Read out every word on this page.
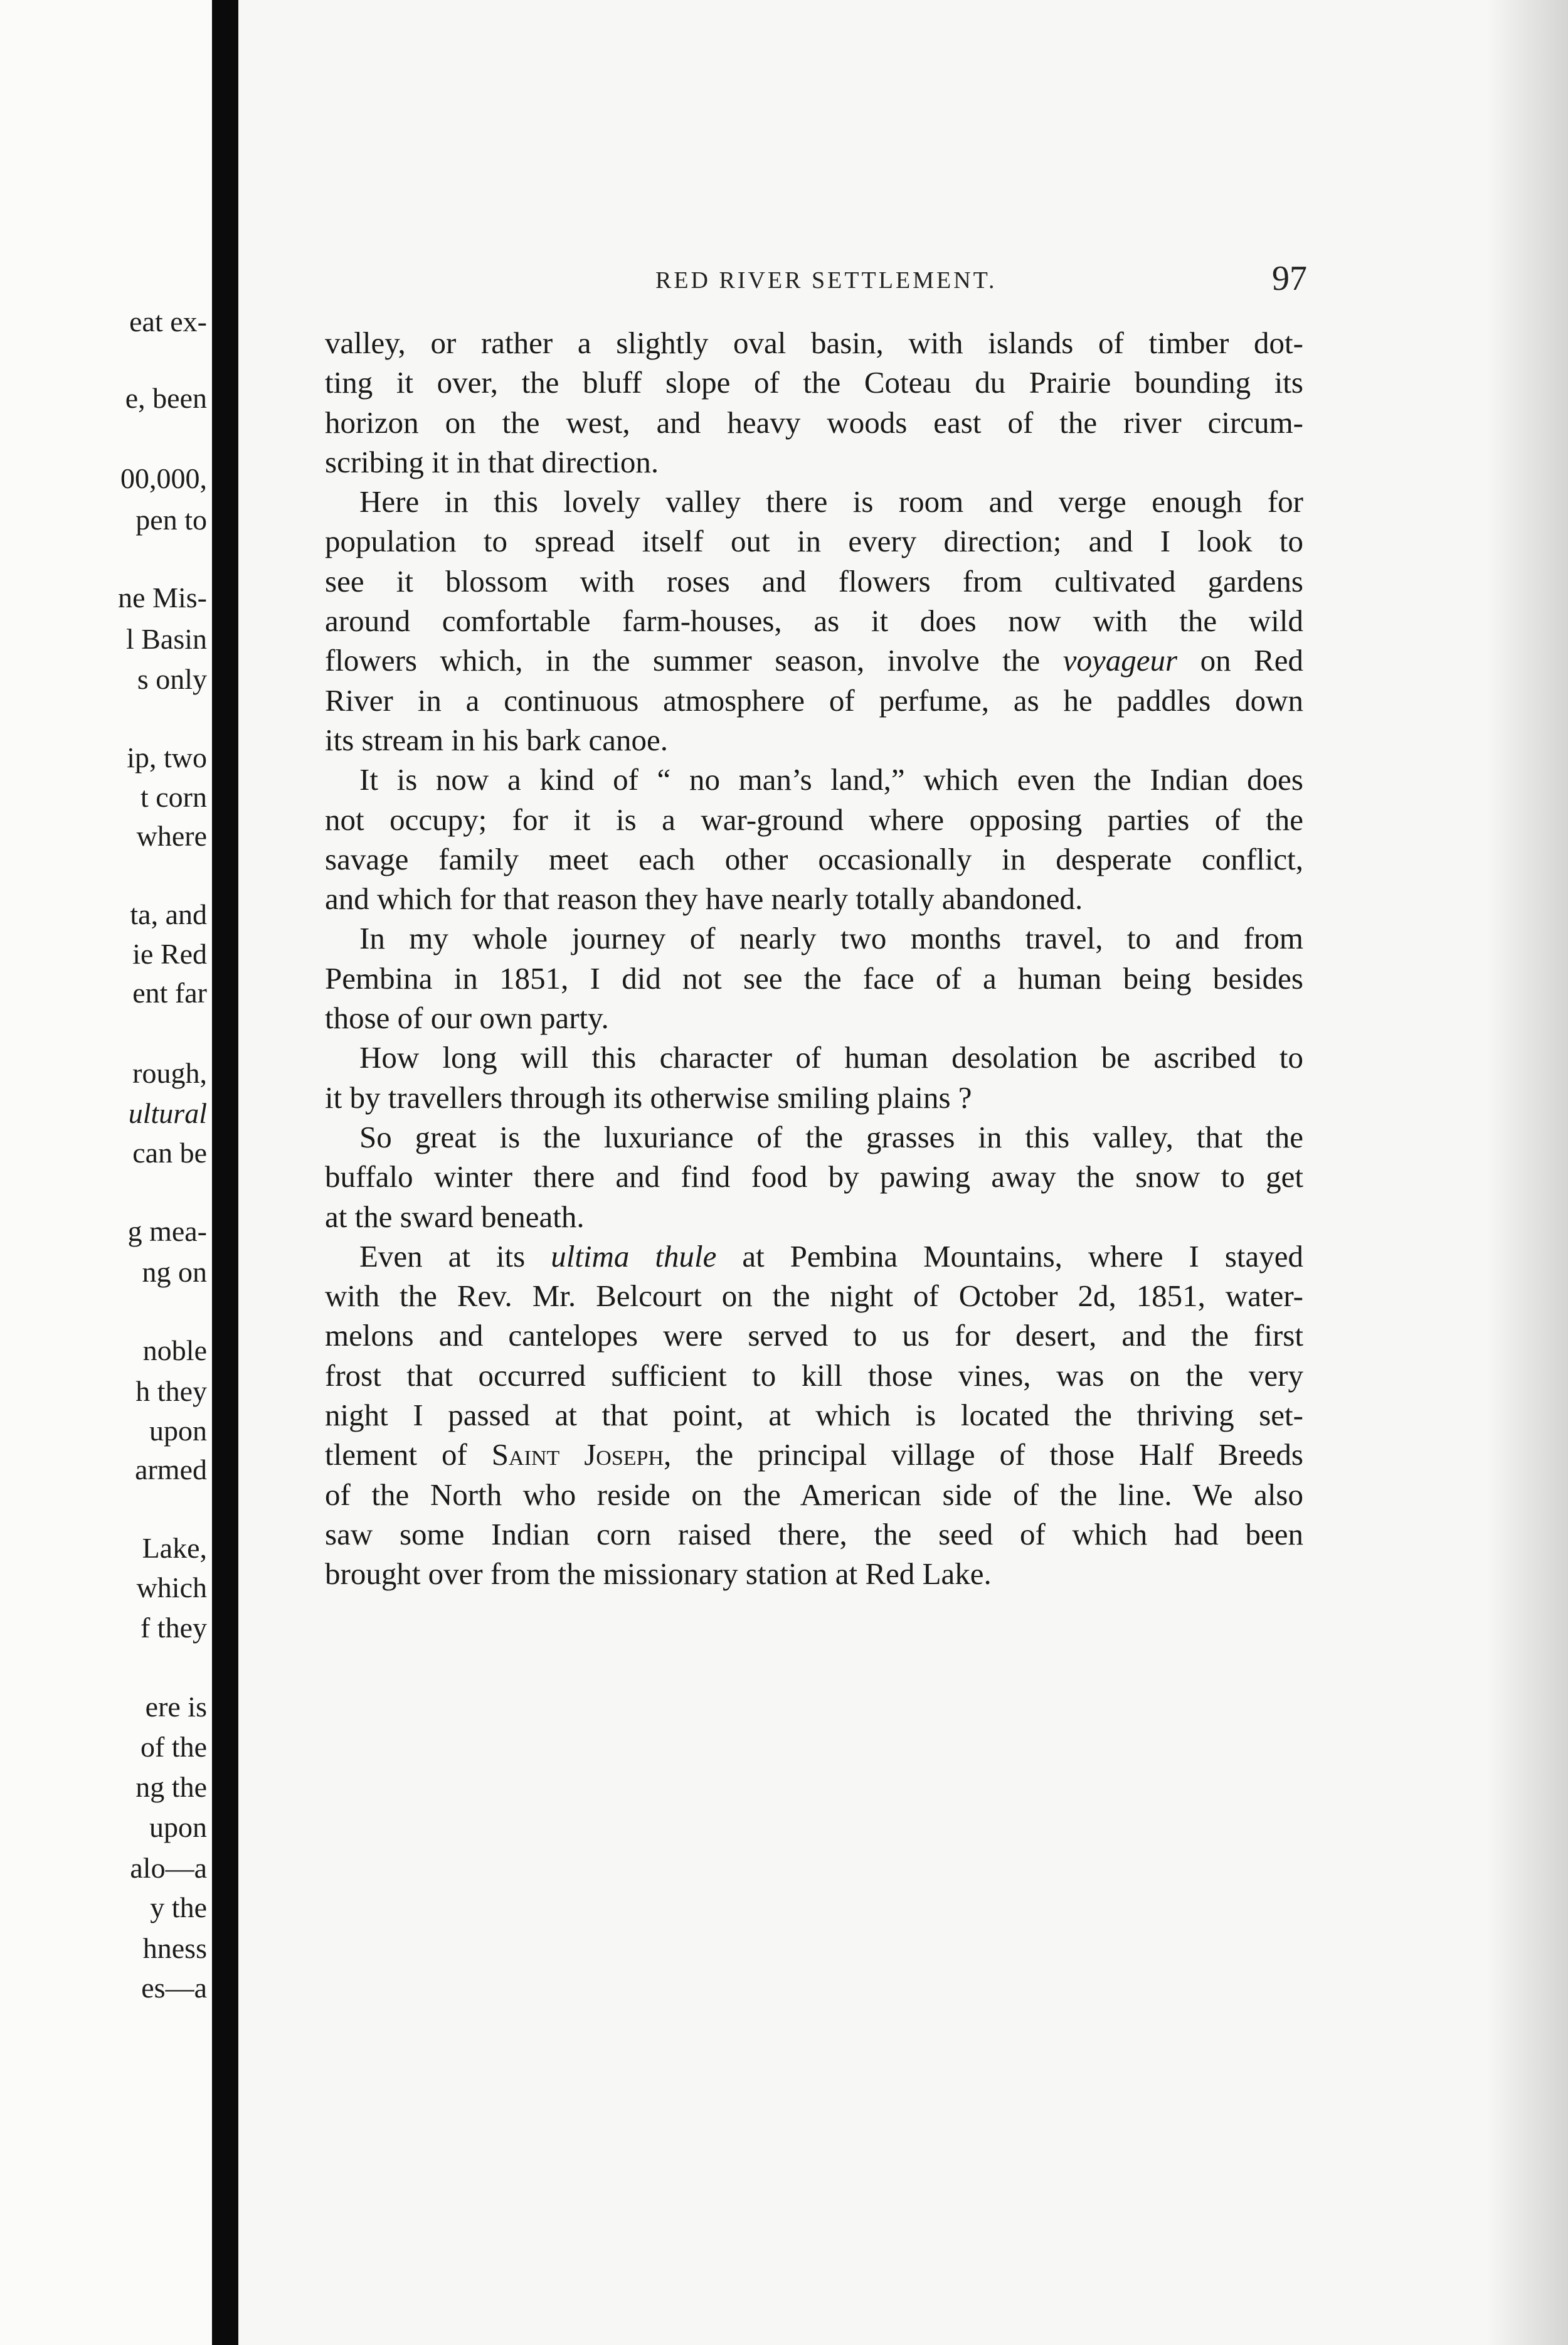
eat ex-
e, been
00,000,
pen to
ne Mis-
l Basin
s only
ip, two
t corn
where
ta, and
ie Red
ent far
rough,
ultural
can be
g mea-
ng on
noble
h they
upon
armed
Lake,
which
f they
ere is
of the
ng the
upon
alo—a
y the
hness
es—a
RED RIVER SETTLEMENT.	97
valley, or rather a slightly oval basin, with islands of timber dot-
ting it over, the bluff slope of the Coteau du Prairie bounding its
horizon on the west, and heavy woods east of the river circum-
scribing it in that direction.
Here in this lovely valley there is room and verge enough for
population to spread itself out in every direction; and I look to
see it blossom with roses and flowers from cultivated gardens
around comfortable farm-houses, as it does now with the wild
flowers which, in the summer season, involve the voyageur on Red
River in a continuous atmosphere of perfume, as he paddles down
its stream in his bark canoe.
It is now a kind of “ no man’s land,” which even the Indian does
not occupy; for it is a war-ground where opposing parties of the
savage family meet each other occasionally in desperate conflict,
and which for that reason they have nearly totally abandoned.
In my whole journey of nearly two months travel, to and from
Pembina in 1851, I did not see the face of a human being besides
those of our own party.
How long will this character of human desolation be ascribed to
it by travellers through its otherwise smiling plains ?
So great is the luxuriance of the grasses in this valley, that the
buffalo winter there and find food by pawing away the snow to get
at the sward beneath.
Even at its ultima thule at Pembina Mountains, where I stayed
with the Rev. Mr. Belcourt on the night of October 2d, 1851, water-
melons and cantelopes were served to us for desert, and the first
frost that occurred sufficient to kill those vines, was on the very
night I passed at that point, at which is located the thriving set-
tlement of Saint Joseph, the principal village of those Half Breeds
of the North who reside on the American side of the line. We also
saw some Indian corn raised there, the seed of which had been
brought over from the missionary station at Red Lake.
